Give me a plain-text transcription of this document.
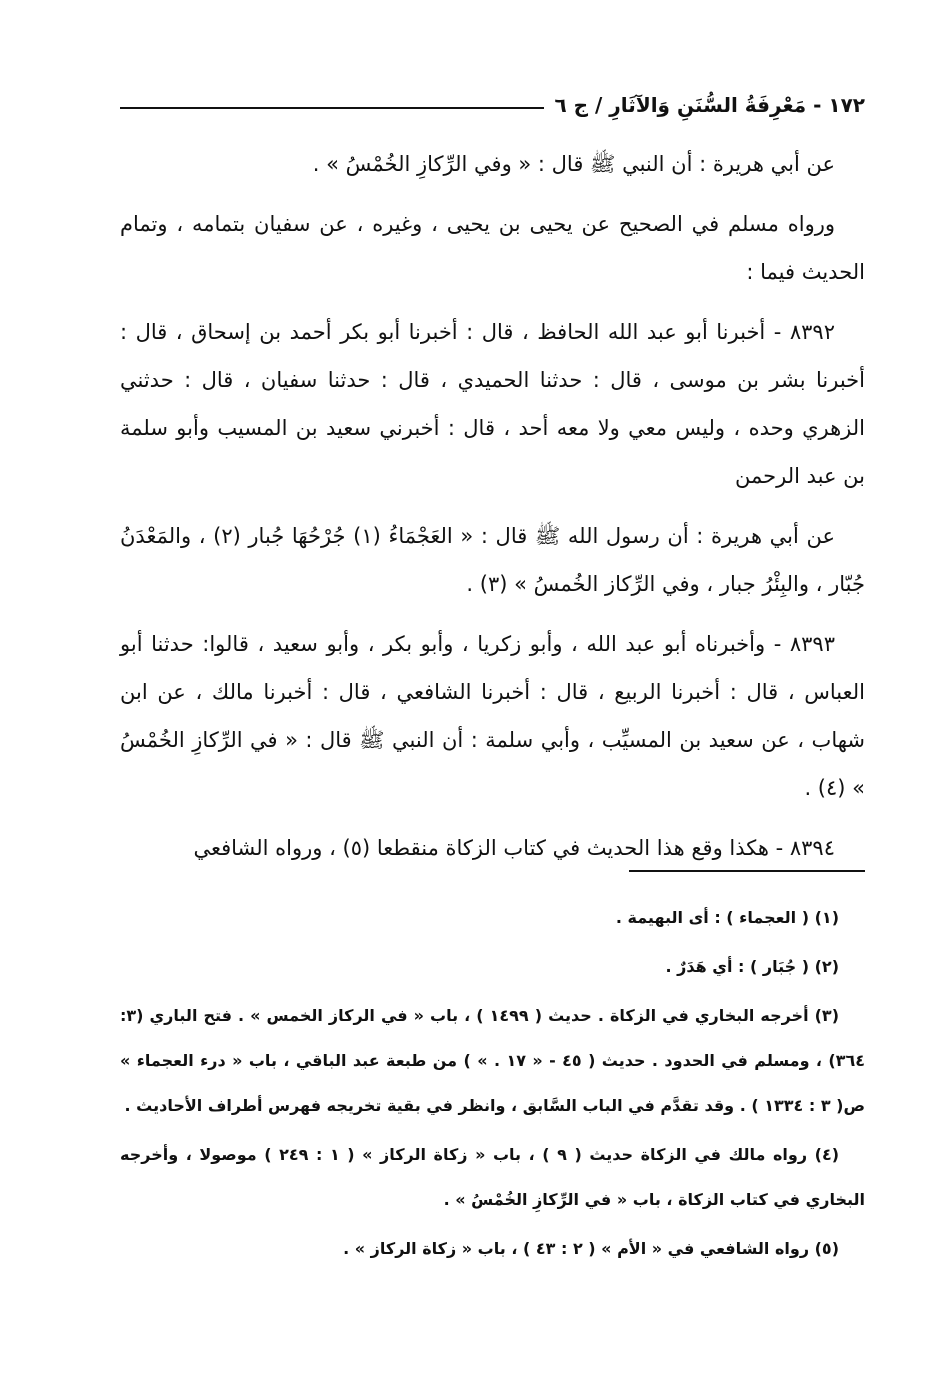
١٧٢ - مَعْرِفَةُ السُّنَنِ وَالآثَارِ / ج ٦

عن أبي هريرة : أن النبي ﷺ قال : « وفي الرِّكازِ الخُمْسُ » .

ورواه مسلم في الصحيح عن يحيى بن يحيى ، وغيره ، عن سفيان بتمامه ، وتمام الحديث فيما :

٨٣٩٢ - أخبرنا أبو عبد الله الحافظ ، قال : أخبرنا أبو بكر أحمد بن إسحاق ، قال : أخبرنا بشر بن موسى ، قال : حدثنا الحميدي ، قال : حدثنا سفيان ، قال : حدثني الزهري وحده ، وليس معي ولا معه أحد ، قال : أخبرني سعيد بن المسيب وأبو سلمة بن عبد الرحمن

عن أبي هريرة : أن رسول الله ﷺ قال : « العَجْمَاءُ (١) جُرْحُهَا جُبار (٢) ، والمَعْدَنُ جُبّار ، والبِئْرُ جبار ، وفي الرِّكاز الخُمسُ » (٣) .

٨٣٩٣ - وأخبرناه أبو عبد الله ، وأبو زكريا ، وأبو بكر ، وأبو سعيد ، قالوا: حدثنا أبو العباس ، قال : أخبرنا الربيع ، قال : أخبرنا الشافعي ، قال : أخبرنا مالك ، عن ابن شهاب ، عن سعيد بن المسيِّب ، وأبي سلمة : أن النبي ﷺ قال : « في الرِّكازِ الخُمْسُ » (٤) .

٨٣٩٤ - هكذا وقع هذا الحديث في كتاب الزكاة منقطعا (٥) ، ورواه الشافعي

(١) ( العجماء ) : أى البهيمة .

(٢) ( جُبَار ) : أي هَدَرٌ .

(٣) أخرجه البخاري في الزكاة . حديث ( ١٤٩٩ ) ، باب « في الركاز الخمس » . فتح الباري (٣: ٣٦٤) ، ومسلم في الحدود . حديث ( ٤٥ - « ١٧ . » ) من طبعة عبد الباقي ، باب « درء العجماء » ص( ٣ : ١٣٣٤ ) . وقد تقدَّم في الباب السَّابق ، وانظر في بقية تخريجه فهرس أطراف الأحاديث .

(٤) رواه مالك في الزكاة حديث ( ٩ ) ، باب « زكاة الركاز » ( ١ : ٢٤٩ ) موصولا ، وأخرجه البخاري في كتاب الزكاة ، باب « في الرِّكازِ الخُمْسُ » .

(٥) رواه الشافعي في « الأم » ( ٢ : ٤٣ ) ، باب « زكاة الركاز » .
